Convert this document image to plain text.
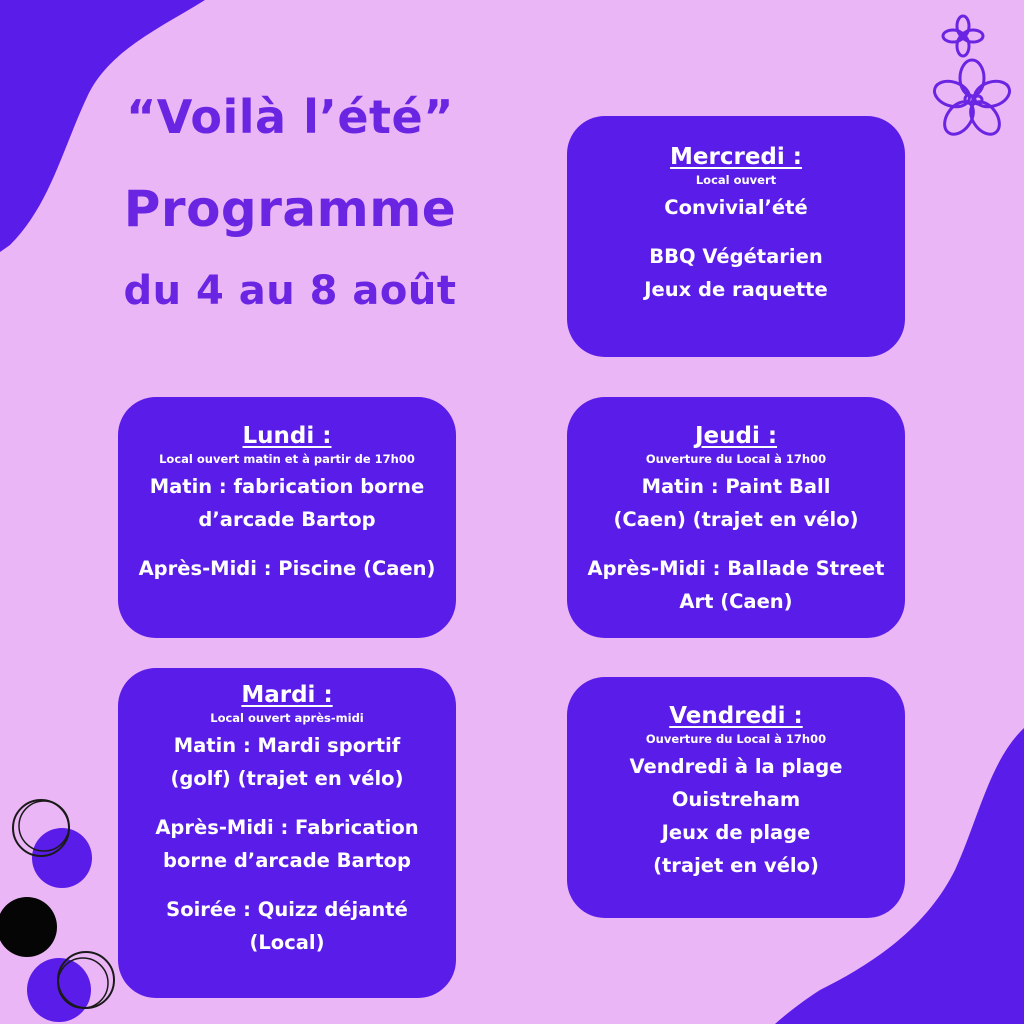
“Voilà l’été”
Programme
du 4 au 8 août
Mercredi :
Local ouvert
Convivial’été
BBQ Végétarien
Jeux de raquette
Lundi :
Local ouvert matin et à partir de 17h00
Matin : fabrication borne
d’arcade Bartop
Après-Midi : Piscine (Caen)
Jeudi :
Ouverture du Local à 17h00
Matin : Paint Ball
(Caen) (trajet en vélo)
Après-Midi : Ballade Street
Art (Caen)
Mardi :
Local ouvert après-midi
Matin : Mardi sportif
(golf) (trajet en vélo)
Après-Midi : Fabrication
borne d’arcade Bartop
Soirée : Quizz déjanté
(Local)
Vendredi :
Ouverture du Local à 17h00
Vendredi à la plage
Ouistreham
Jeux de plage
(trajet en vélo)
